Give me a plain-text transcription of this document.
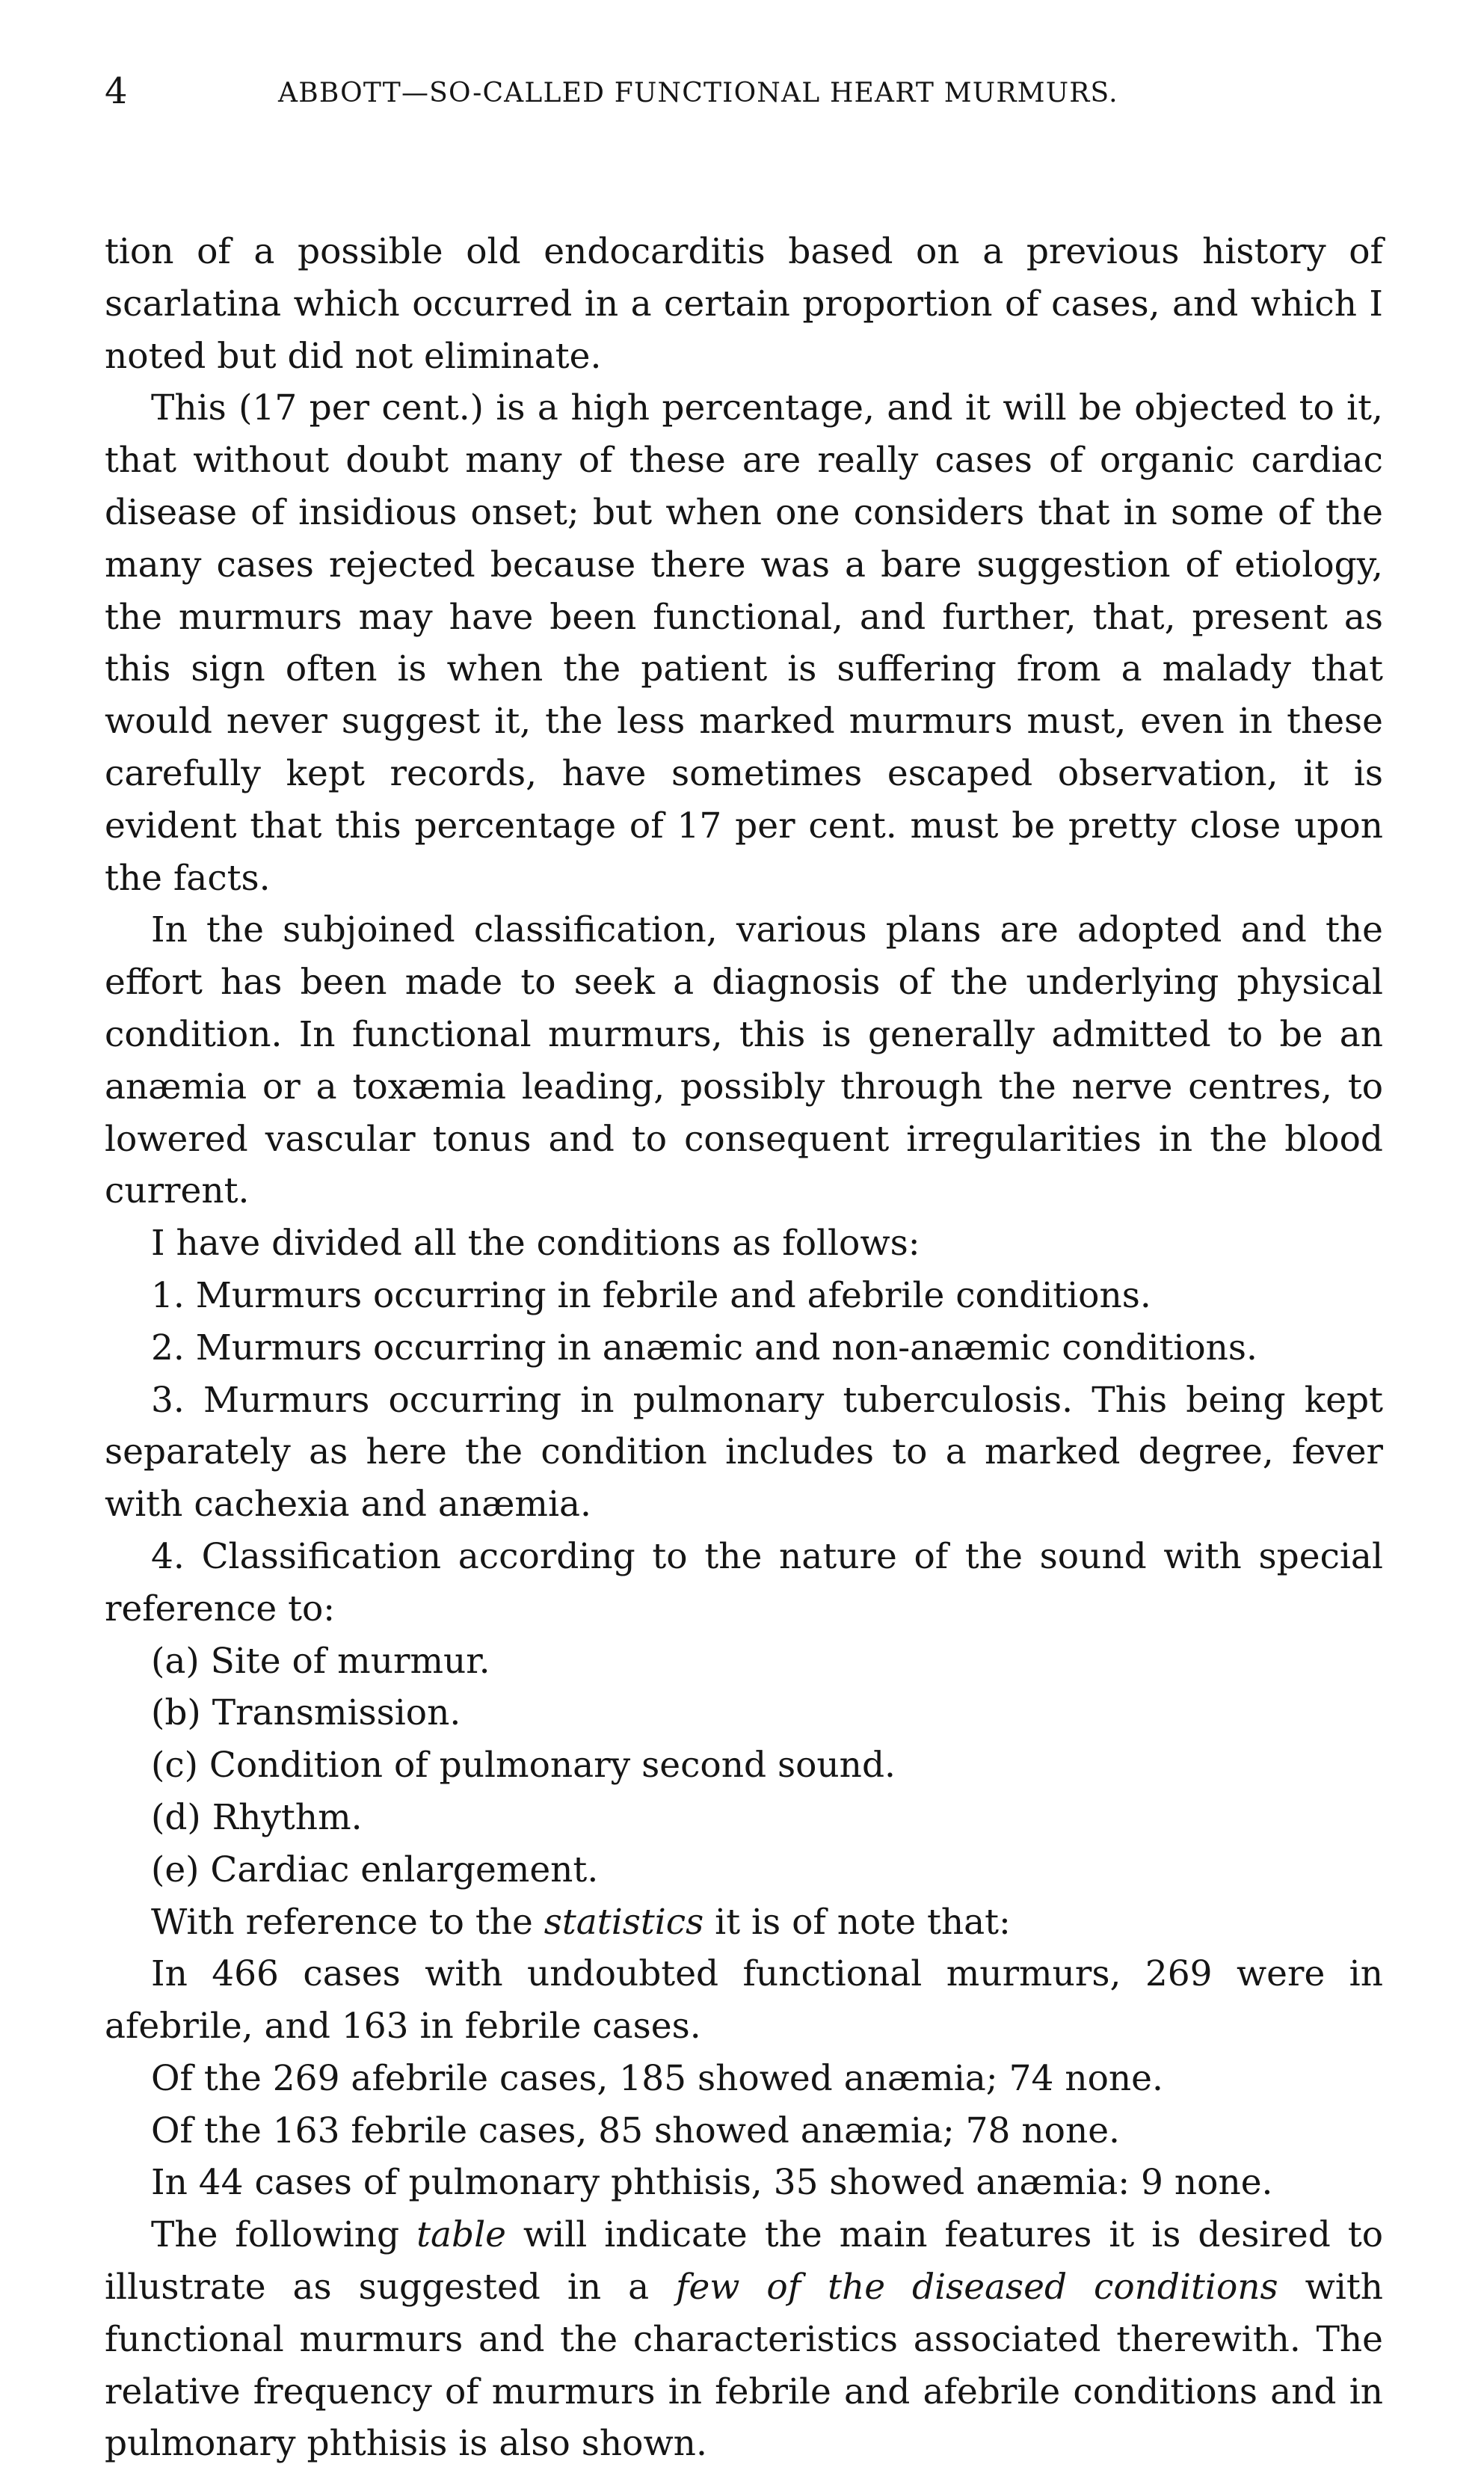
4	ABBOTT—SO-CALLED FUNCTIONAL HEART MURMURS.

tion of a possible old endocarditis based on a previous history of scarlatina which occurred in a certain proportion of cases, and which I noted but did not eliminate.

This (17 per cent.) is a high percentage, and it will be objected to it, that without doubt many of these are really cases of organic cardiac disease of insidious onset; but when one considers that in some of the many cases rejected because there was a bare suggestion of etiology, the murmurs may have been functional, and further, that, present as this sign often is when the patient is suffering from a malady that would never suggest it, the less marked murmurs must, even in these carefully kept records, have sometimes escaped observation, it is evident that this percentage of 17 per cent. must be pretty close upon the facts.

In the subjoined classification, various plans are adopted and the effort has been made to seek a diagnosis of the underlying physical condition. In functional murmurs, this is generally admitted to be an anæmia or a toxæmia leading, possibly through the nerve centres, to lowered vascular tonus and to consequent irregularities in the blood current.

I have divided all the conditions as follows:

1. Murmurs occurring in febrile and afebrile conditions.

2. Murmurs occurring in anæmic and non-anæmic conditions.

3. Murmurs occurring in pulmonary tuberculosis. This being kept separately as here the condition includes to a marked degree, fever with cachexia and anæmia.

4. Classification according to the nature of the sound with special reference to:

(a) Site of murmur.

(b) Transmission.

(c) Condition of pulmonary second sound.

(d) Rhythm.

(e) Cardiac enlargement.

With reference to the statistics it is of note that:

In 466 cases with undoubted functional murmurs, 269 were in afebrile, and 163 in febrile cases.

Of the 269 afebrile cases, 185 showed anæmia; 74 none.

Of the 163 febrile cases, 85 showed anæmia; 78 none.

In 44 cases of pulmonary phthisis, 35 showed anæmia: 9 none.

The following table will indicate the main features it is desired to illustrate as suggested in a few of the diseased conditions with functional murmurs and the characteristics associated therewith. The relative frequency of murmurs in febrile and afebrile conditions and in pulmonary phthisis is also shown.
